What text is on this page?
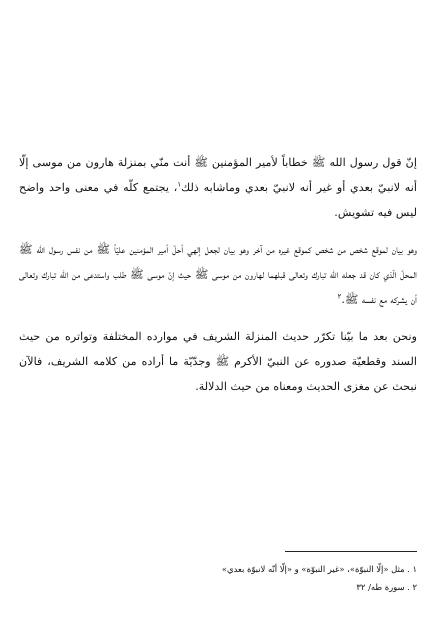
إنّ قول رسول الله ﷺ خطاباً لأمير المؤمنين ﷺ أنت منّي بمنزلة هارون من موسى إلّا أنه لانبيّ بعدي أو غير أنه لانبيّ بعدي وماشابه ذلك$^١$، يجتمع كلّه في معنى واحد واضح ليس فيه تشويش.

وهو بيان لموقع شخص من شخص كموقع غيره من آخر وهو بيان لجعل إلهي أحلّ أمير المؤمنين عليّاً ﷺ من نفس رسول الله ﷺ المحلّ الّذي كان قد جعله الله تبارك وتعالى قبلهما لهارون من موسى ﷺ حيث إنّ موسى ﷺ طلب واستدعى من الله تبارك وتعالى أن يشركه مع نفسه ﷺ.$^٢$

ونحن بعد ما بيّنا تكرّر حديث المنزلة الشريف في موارده المختلفة وتواتره من حيث السند وقطعيّة صدوره عن النبيّ الأكرم ﷺ وجدّيّة ما أراده من كلامه الشريف، فالآن نبحث عن مغزى الحديث ومعناه من حيث الدلالة.

١ . مثل «إلّا النبوّة»، «غير النبوّة» و «إلّا أنّه لانبوّة بعدي»

٢ . سورة طه/ ٣٢
